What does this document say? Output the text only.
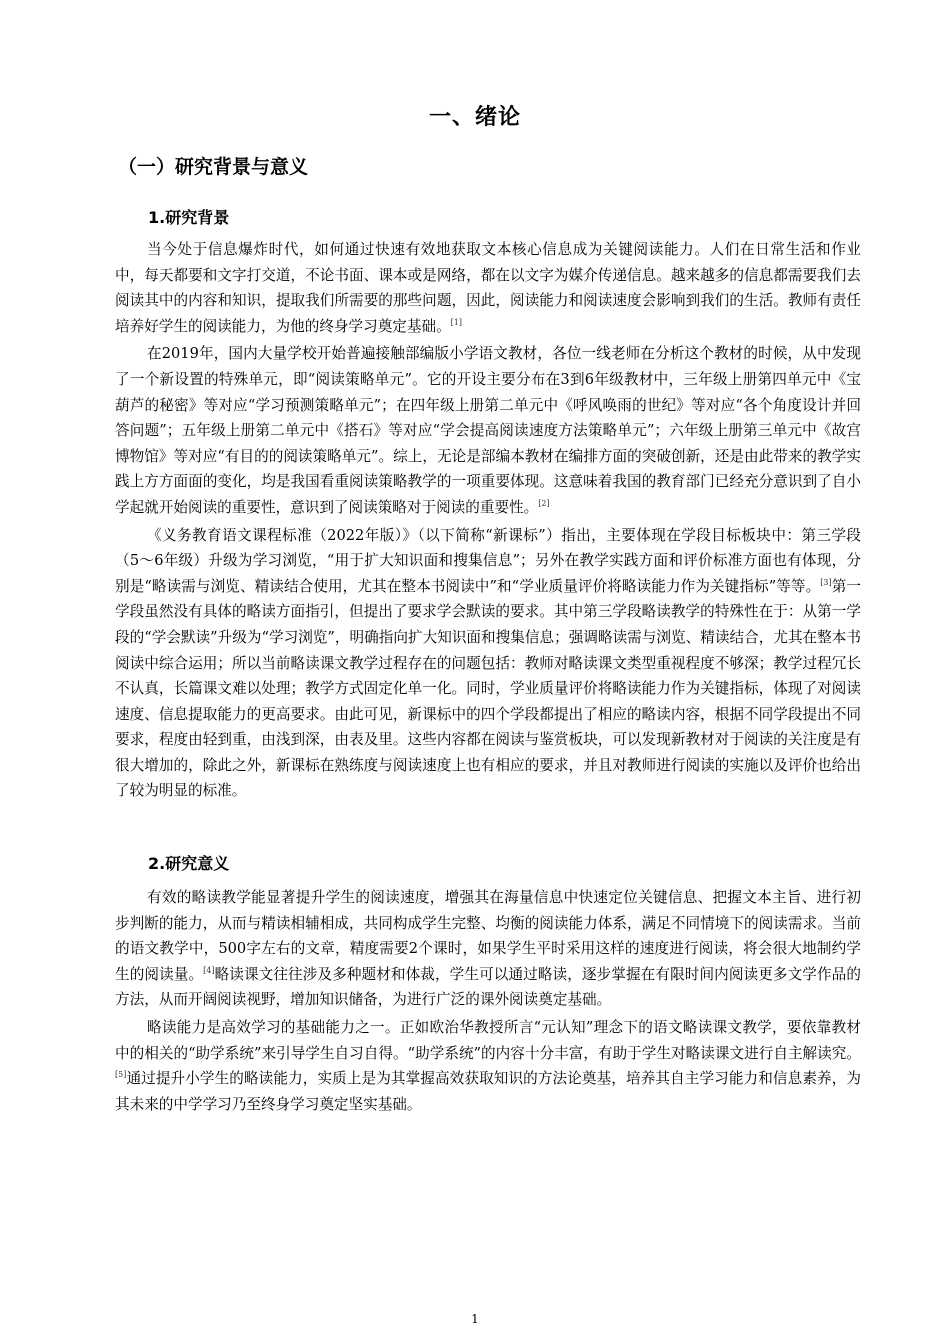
一、绪论
（一）研究背景与意义
1.研究背景

当今处于信息爆炸时代，如何通过快速有效地获取文本核心信息成为关键阅读能力。人们在日常生活和作业中，每天都要和文字打交道，不论书面、课本或是网络，都在以文字为媒介传递信息。越来越多的信息都需要我们去阅读其中的内容和知识，提取我们所需要的那些问题，因此，阅读能力和阅读速度会影响到我们的生活。教师有责任培养好学生的阅读能力，为他的终身学习奠定基础。[1]

在2019年，国内大量学校开始普遍接触部编版小学语文教材，各位一线老师在分析这个教材的时候，从中发现了一个新设置的特殊单元，即“阅读策略单元”。它的开设主要分布在3到6年级教材中，三年级上册第四单元中《宝葫芦的秘密》等对应“学习预测策略单元”；在四年级上册第二单元中《呼风唤雨的世纪》等对应“各个角度设计并回答问题”；五年级上册第二单元中《搭石》等对应“学会提高阅读速度方法策略单元”；六年级上册第三单元中《故宫博物馆》等对应“有目的的阅读策略单元”。综上，无论是部编本教材在编排方面的突破创新，还是由此带来的教学实践上方方面面的变化，均是我国看重阅读策略教学的一项重要体现。这意味着我国的教育部门已经充分意识到了自小学起就开始阅读的重要性，意识到了阅读策略对于阅读的重要性。[2]

《义务教育语文课程标准（2022年版）》（以下简称“新课标”）指出，主要体现在学段目标板块中：第三学段（5～6年级）升级为学习浏览，“用于扩大知识面和搜集信息”；另外在教学实践方面和评价标准方面也有体现，分别是“略读需与浏览、精读结合使用，尤其在整本书阅读中”和“学业质量评价将略读能力作为关键指标”等等。[3]第一学段虽然没有具体的略读方面指引，但提出了要求学会默读的要求。其中第三学段略读教学的特殊性在于：从第一学段的“学会默读”升级为“学习浏览”，明确指向扩大知识面和搜集信息；强调略读需与浏览、精读结合，尤其在整本书阅读中综合运用；所以当前略读课文教学过程存在的问题包括：教师对略读课文类型重视程度不够深；教学过程冗长不认真，长篇课文难以处理；教学方式固定化单一化。同时，学业质量评价将略读能力作为关键指标，体现了对阅读速度、信息提取能力的更高要求。由此可见，新课标中的四个学段都提出了相应的略读内容，根据不同学段提出不同要求，程度由轻到重，由浅到深，由表及里。这些内容都在阅读与鉴赏板块，可以发现新教材对于阅读的关注度是有很大增加的，除此之外，新课标在熟练度与阅读速度上也有相应的要求，并且对教师进行阅读的实施以及评价也给出了较为明显的标准。

2.研究意义

有效的略读教学能显著提升学生的阅读速度，增强其在海量信息中快速定位关键信息、把握文本主旨、进行初步判断的能力，从而与精读相辅相成，共同构成学生完整、均衡的阅读能力体系，满足不同情境下的阅读需求。当前的语文教学中，500字左右的文章，精度需要2个课时，如果学生平时采用这样的速度进行阅读，将会很大地制约学生的阅读量。[4]略读课文往往涉及多种题材和体裁，学生可以通过略读，逐步掌握在有限时间内阅读更多文学作品的方法，从而开阔阅读视野，增加知识储备，为进行广泛的课外阅读奠定基础。

略读能力是高效学习的基础能力之一。正如欧治华教授所言“元认知”理念下的语文略读课文教学，要依靠教材中的相关的“助学系统”来引导学生自习自得。“助学系统”的内容十分丰富，有助于学生对略读课文进行自主解读究。[5]通过提升小学生的略读能力，实质上是为其掌握高效获取知识的方法论奠基，培养其自主学习能力和信息素养，为其未来的中学学习乃至终身学习奠定坚实基础。

1
